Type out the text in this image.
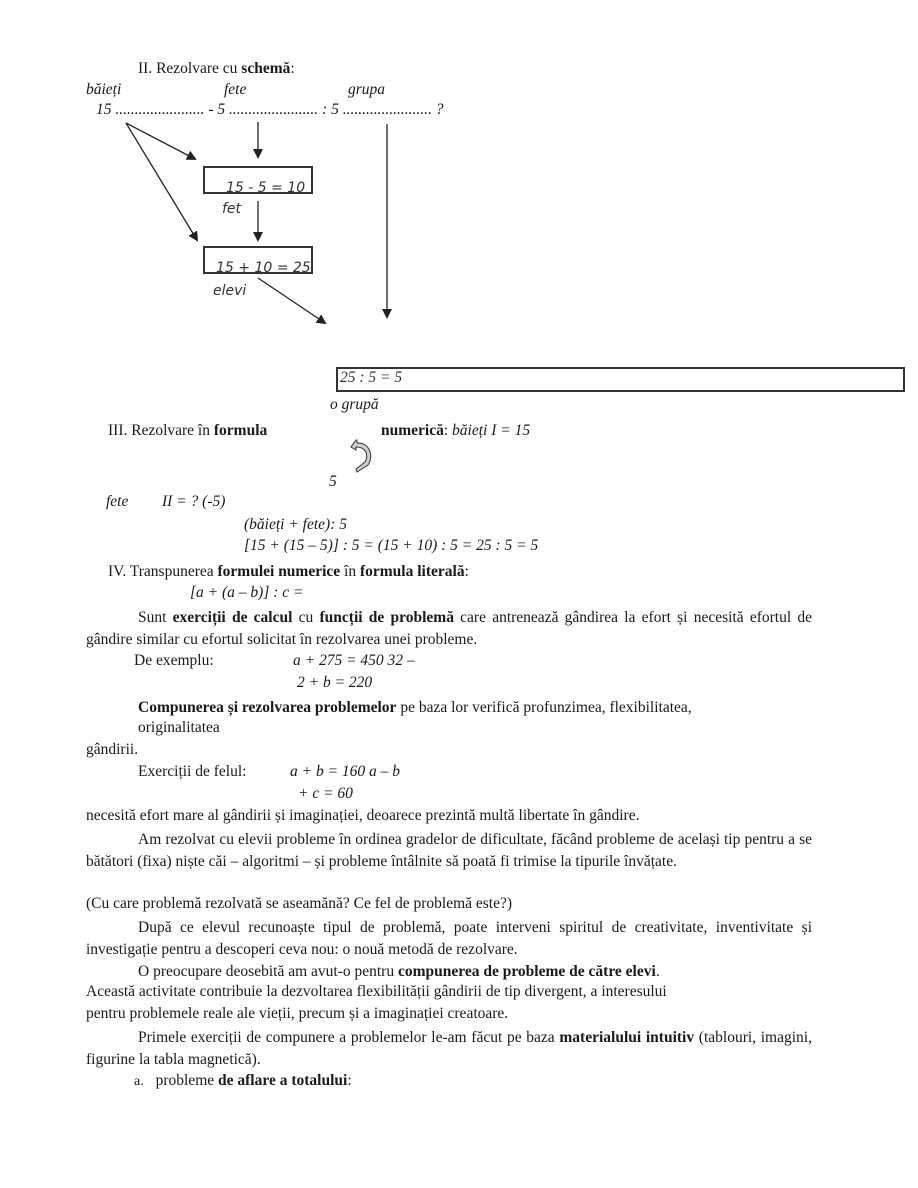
II. Rezolvare cu schemă:
băieți	fete	grupa
15 ....................... - 5 ....................... : 5 ....................... ?
15 - 5 = 10
fet
15 + 10 = 25
elevi
25 : 5 = 5
o grupă
III. Rezolvare în formula	numerică: băieți I = 15
5
fete II = ? (-5)
(băieți + fete): 5
[15 + (15 – 5)] : 5 = (15 + 10) : 5 = 25 : 5 = 5
IV. Transpunerea formulei numerice în formula literală:
[a + (a – b)] : c =
Sunt exerciții de calcul cu funcții de problemă care antrenează gândirea la efort și necesită efortul de gândire similar cu efortul solicitat în rezolvarea unei probleme.
De exemplu:	a + 275 = 450 32 –
2 + b = 220
Compunerea și rezolvarea problemelor pe baza lor verifică profunzimea, flexibilitatea,
originalitatea
gândirii.
Exerciții de felul:	a + b = 160 a – b
+ c = 60
necesită efort mare al gândirii și imaginației, deoarece prezintă multă libertate în gândire.
Am rezolvat cu elevii probleme în ordinea gradelor de dificultate, făcând probleme de același tip pentru a se bătători (fixa) niște căi – algoritmi – și probleme întâlnite să poată fi trimise la tipurile învățate.
(Cu care problemă rezolvată se aseamănă? Ce fel de problemă este?)
După ce elevul recunoaște tipul de problemă, poate interveni spiritul de creativitate, inventivitate și investigație pentru a descoperi ceva nou: o nouă metodă de rezolvare.
O preocupare deosebită am avut-o pentru compunerea de probleme de către elevi.
Această activitate contribuie la dezvoltarea flexibilității gândirii de tip divergent, a interesului
pentru problemele reale ale vieții, precum și a imaginației creatoare.
Primele exerciții de compunere a problemelor le-am făcut pe baza materialului intuitiv (tablouri, imagini, figurine la tabla magnetică).
a. probleme de aflare a totalului:
